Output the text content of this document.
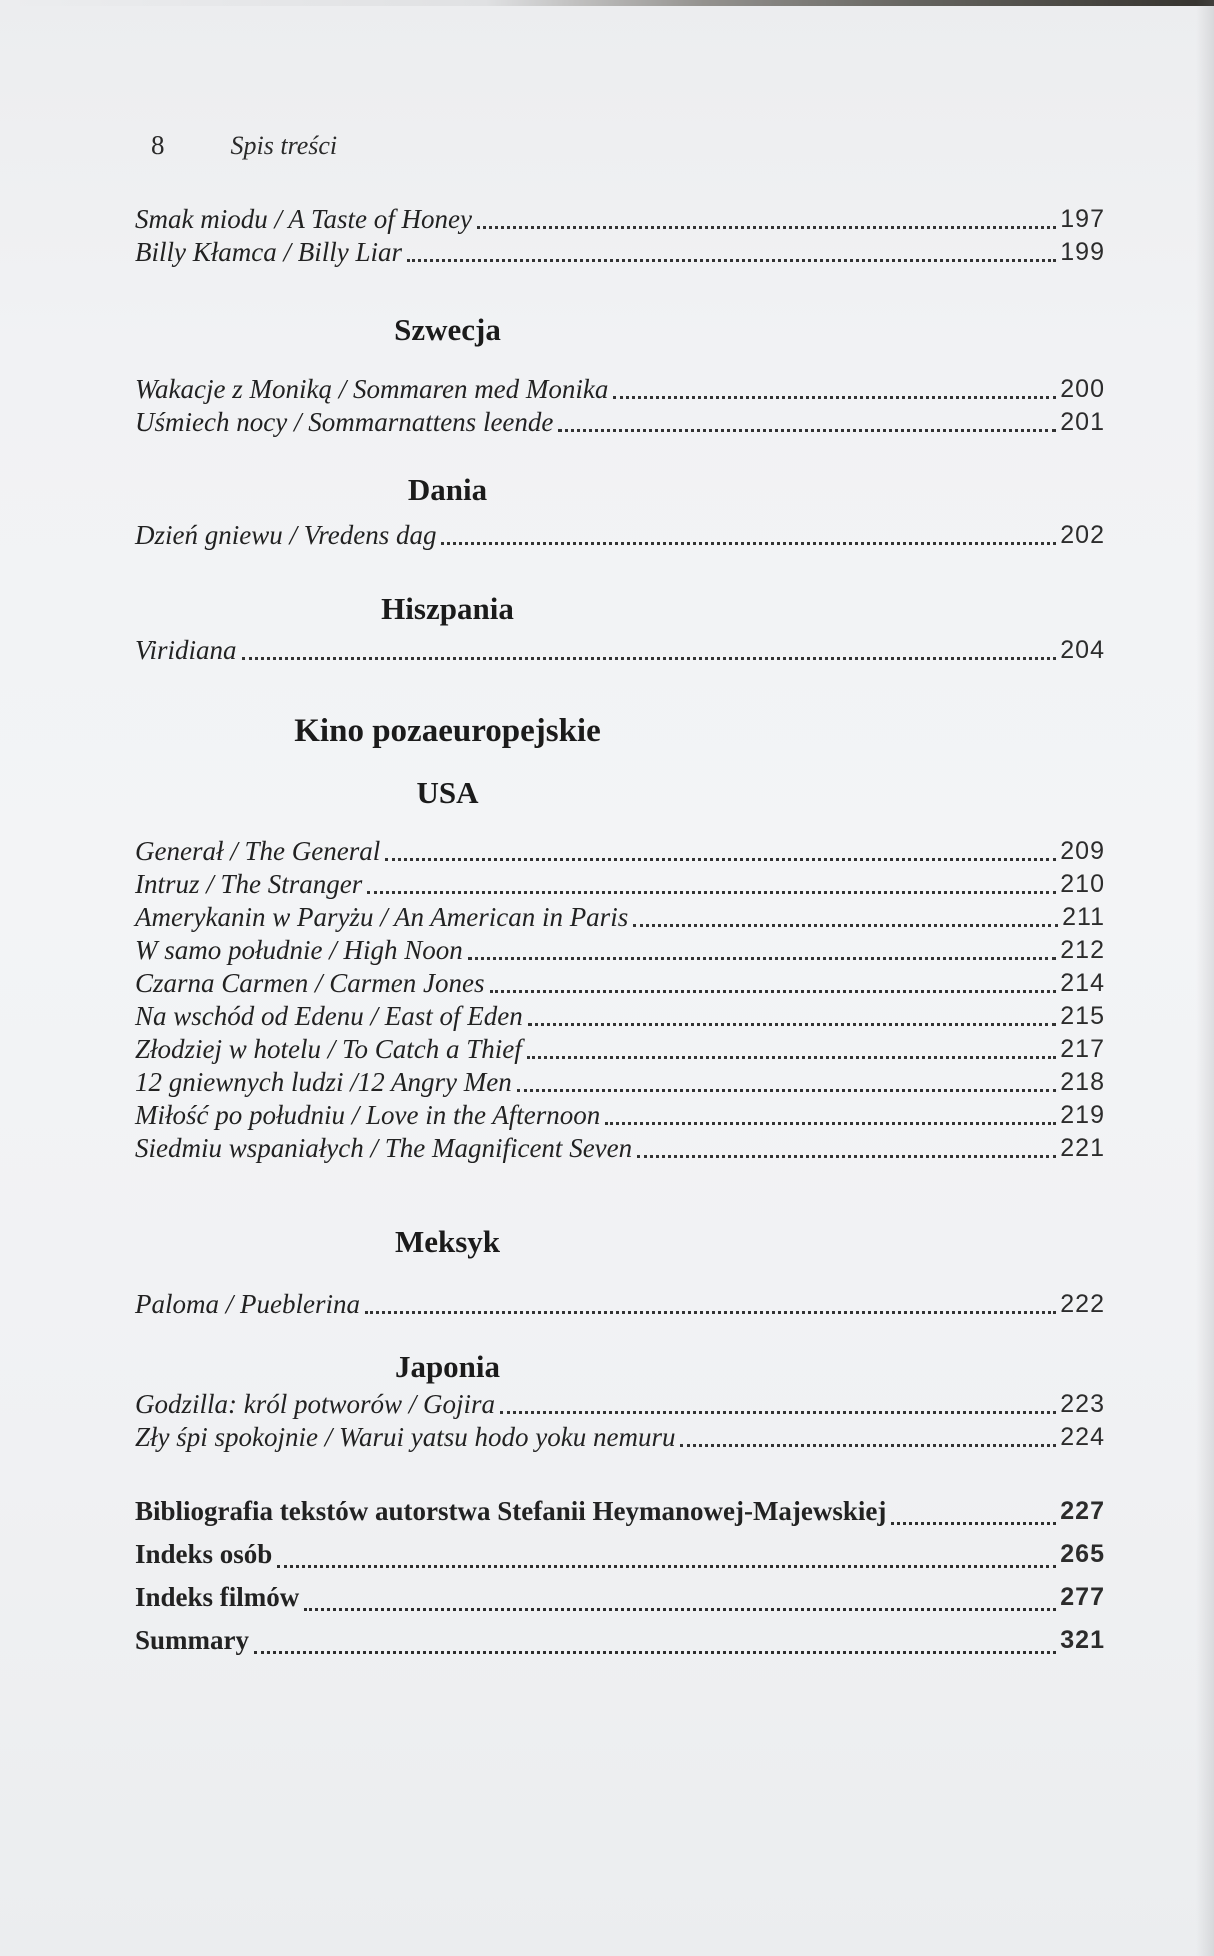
8	Spis treści
Smak miodu / A Taste of Honey	197
Billy Kłamca / Billy Liar	199
Szwecja
Wakacje z Moniką / Sommaren med Monika	200
Uśmiech nocy / Sommarnattens leende	201
Dania
Dzień gniewu / Vredens dag	202
Hiszpania
Viridiana	204
Kino pozaeuropejskie
USA
Generał / The General	209
Intruz / The Stranger	210
Amerykanin w Paryżu / An American in Paris	211
W samo południe / High Noon	212
Czarna Carmen / Carmen Jones	214
Na wschód od Edenu / East of Eden	215
Złodziej w hotelu / To Catch a Thief	217
12 gniewnych ludzi /12 Angry Men	218
Miłość po południu / Love in the Afternoon	219
Siedmiu wspaniałych / The Magnificent Seven	221
Meksyk
Paloma / Pueblerina	222
Japonia
Godzilla: król potworów / Gojira	223
Zły śpi spokojnie / Warui yatsu hodo yoku nemuru	224
Bibliografia tekstów autorstwa Stefanii Heymanowej-Majewskiej	227
Indeks osób	265
Indeks filmów	277
Summary	321
